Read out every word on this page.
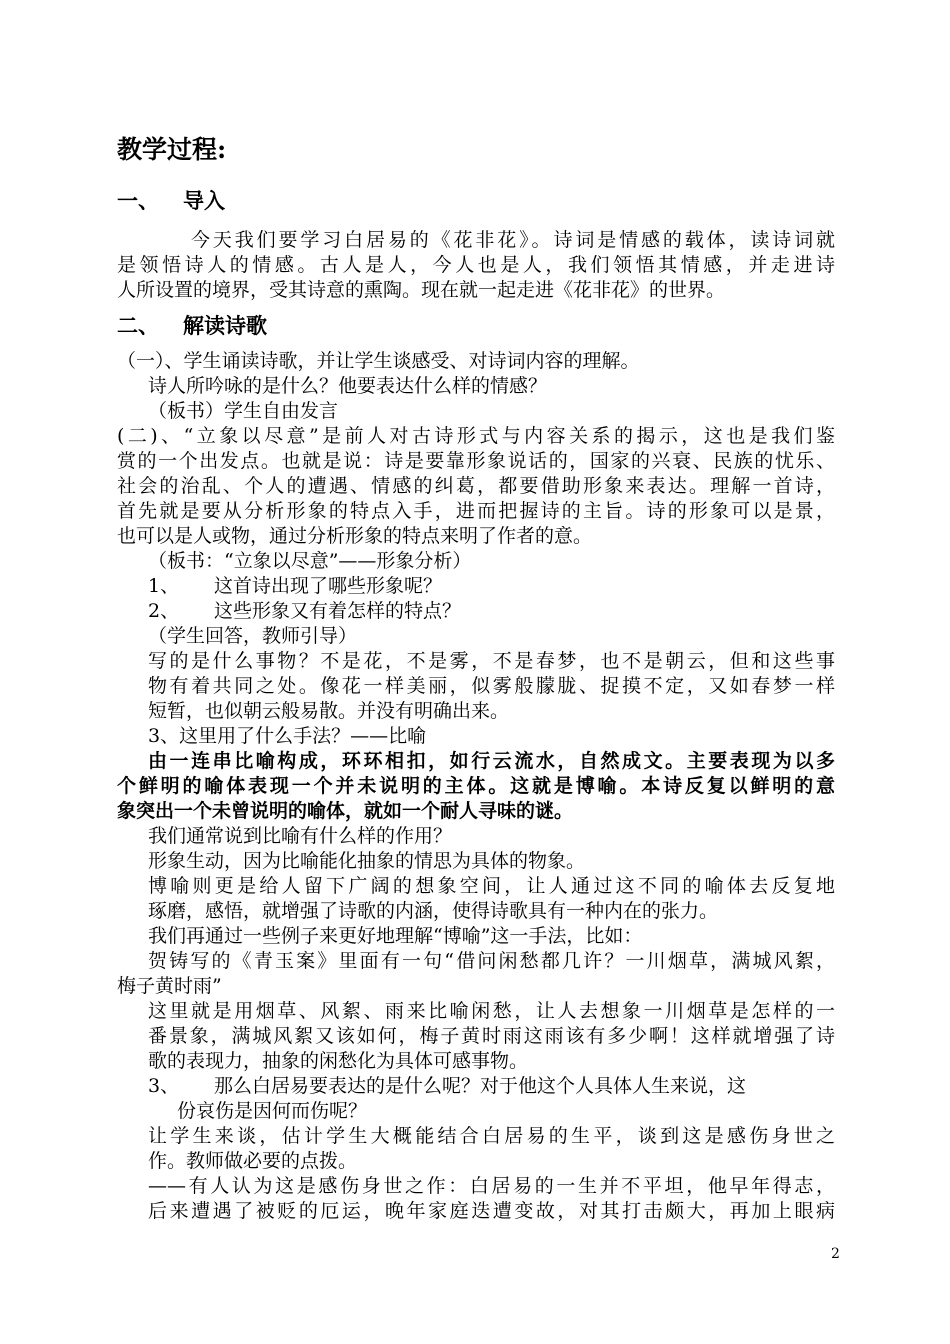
教学过程:
一、 导入
今天我们要学习白居易的《花非花》。诗词是情感的载体，读诗词就
是领悟诗人的情感。古人是人，今人也是人，我们领悟其情感，并走进诗
人所设置的境界，受其诗意的熏陶。现在就一起走进《花非花》的世界。
二、 解读诗歌
（一）、学生诵读诗歌，并让学生谈感受、对诗词内容的理解。
诗人所吟咏的是什么？他要表达什么样的情感？
（板书）学生自由发言
(二)、“立象以尽意”是前人对古诗形式与内容关系的揭示，这也是我们鉴
赏的一个出发点。也就是说：诗是要靠形象说话的，国家的兴衰、民族的忧乐、
社会的治乱、个人的遭遇、情感的纠葛，都要借助形象来表达。理解一首诗，
首先就是要从分析形象的特点入手，进而把握诗的主旨。诗的形象可以是景，
也可以是人或物，通过分析形象的特点来明了作者的意。
（板书：“立象以尽意”——形象分析）
1、 这首诗出现了哪些形象呢？
2、 这些形象又有着怎样的特点？
（学生回答，教师引导）
写的是什么事物？不是花，不是雾，不是春梦，也不是朝云，但和这些事
物有着共同之处。像花一样美丽，似雾般朦胧、捉摸不定，又如春梦一样
短暂，也似朝云般易散。并没有明确出来。
3、这里用了什么手法？——比喻
由一连串比喻构成，环环相扣，如行云流水，自然成文。主要表现为以多
个鲜明的喻体表现一个并未说明的主体。这就是博喻。本诗反复以鲜明的意
象突出一个未曾说明的喻体，就如一个耐人寻味的谜。
我们通常说到比喻有什么样的作用？
形象生动，因为比喻能化抽象的情思为具体的物象。
博喻则更是给人留下广阔的想象空间，让人通过这不同的喻体去反复地
琢磨，感悟，就增强了诗歌的内涵，使得诗歌具有一种内在的张力。
我们再通过一些例子来更好地理解“博喻”这一手法，比如：
贺铸写的《青玉案》里面有一句“借问闲愁都几许？一川烟草，满城风絮，
梅子黄时雨”
这里就是用烟草、风絮、雨来比喻闲愁，让人去想象一川烟草是怎样的一
番景象，满城风絮又该如何，梅子黄时雨这雨该有多少啊！这样就增强了诗
歌的表现力，抽象的闲愁化为具体可感事物。
3、 那么白居易要表达的是什么呢？对于他这个人具体人生来说，这
份哀伤是因何而伤呢？
让学生来谈，估计学生大概能结合白居易的生平，谈到这是感伤身世之
作。教师做必要的点拨。
——有人认为这是感伤身世之作：白居易的一生并不平坦，他早年得志，
后来遭遇了被贬的厄运，晚年家庭迭遭变故，对其打击颇大，再加上眼病
2
